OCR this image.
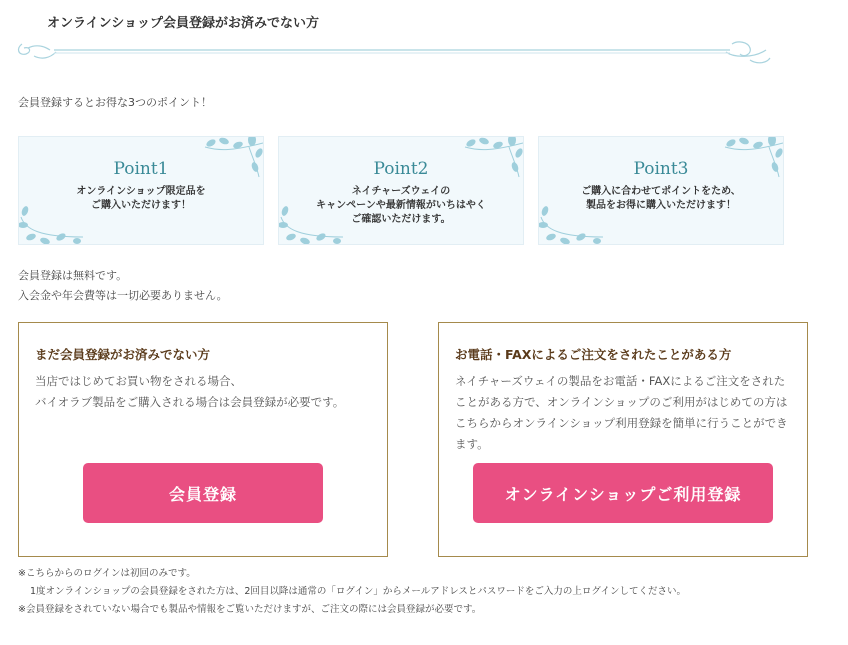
オンラインショップ会員登録がお済みでない方
会員登録するとお得な3つのポイント！
Point1
オンラインショップ限定品を
ご購入いただけます！
Point2
ネイチャーズウェイの
キャンペーンや最新情報がいちはやく
ご確認いただけます。
Point3
ご購入に合わせてポイントをため、
製品をお得に購入いただけます！
会員登録は無料です。
入会金や年会費等は一切必要ありません。
まだ会員登録がお済みでない方
当店ではじめてお買い物をされる場合、
バイオラブ製品をご購入される場合は会員登録が必要です。
会員登録
お電話・FAXによるご注文をされたことがある方
ネイチャーズウェイの製品をお電話・FAXによるご注文をされたことがある方で、オンラインショップのご利用がはじめての方はこちらからオンラインショップ利用登録を簡単に行うことができます。
オンラインショップご利用登録
※こちらからのログインは初回のみです。
1度オンラインショップの会員登録をされた方は、2回目以降は通常の「ログイン」からメールアドレスとパスワードをご入力の上ログインしてください。
※会員登録をされていない場合でも製品や情報をご覧いただけますが、ご注文の際には会員登録が必要です。
